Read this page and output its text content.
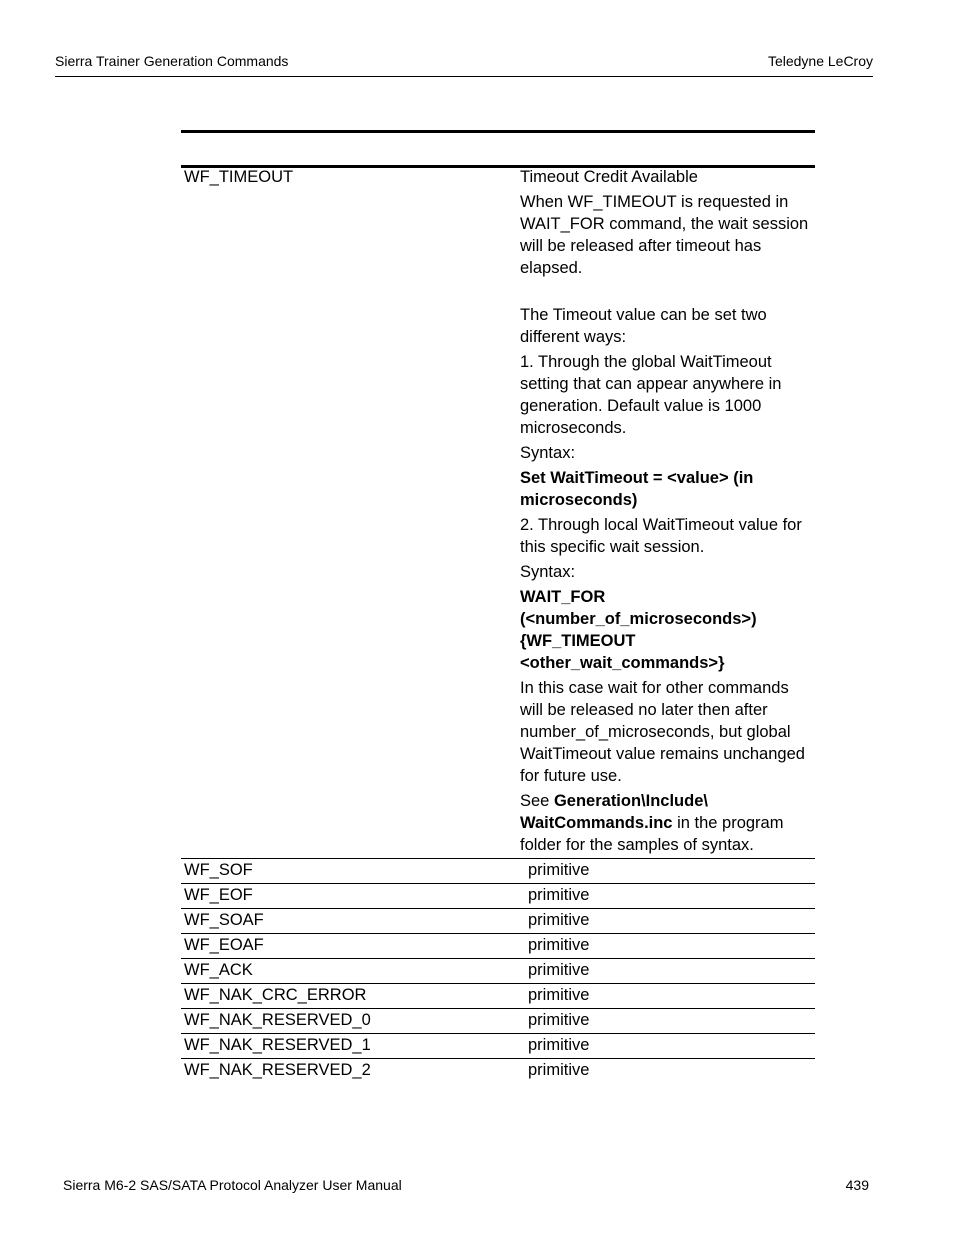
Sierra Trainer Generation Commands	Teledyne LeCroy
WF_TIMEOUT	Timeout Credit Available

When WF_TIMEOUT is requested in WAIT_FOR command, the wait session will be released after timeout has elapsed.

The Timeout value can be set two different ways:

1. Through the global WaitTimeout setting that can appear anywhere in generation. Default value is 1000 microseconds.

Syntax:

Set WaitTimeout = <value> (in microseconds)

2. Through local WaitTimeout value for this specific wait session.

Syntax:

WAIT_FOR (<number_of_microseconds>) {WF_TIMEOUT <other_wait_commands>}

In this case wait for other commands will be released no later then after number_of_microseconds, but global WaitTimeout value remains unchanged for future use.

See Generation\Include\ WaitCommands.inc in the program folder for the samples of syntax.

WF_SOF	primitive
WF_EOF	primitive
WF_SOAF	primitive
WF_EOAF	primitive
WF_ACK	primitive
WF_NAK_CRC_ERROR	primitive
WF_NAK_RESERVED_0	primitive
WF_NAK_RESERVED_1	primitive
WF_NAK_RESERVED_2	primitive
Sierra M6-2 SAS/SATA Protocol Analyzer User Manual	439
